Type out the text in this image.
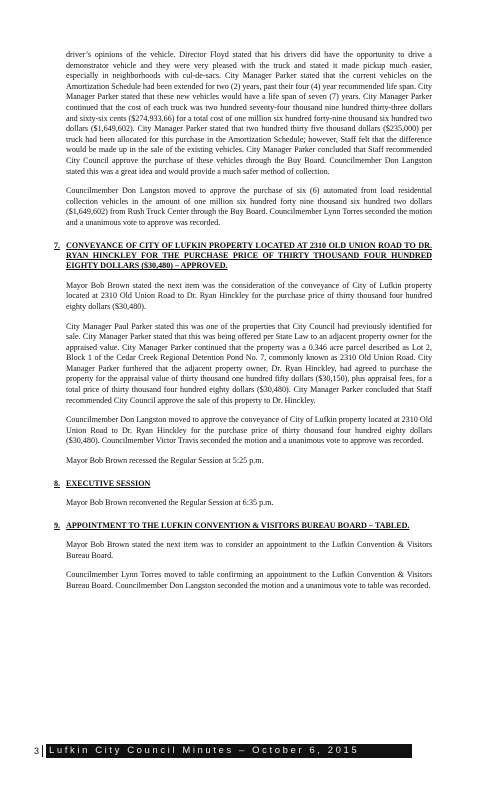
driver’s opinions of the vehicle. Director Floyd stated that his drivers did have the opportunity to drive a demonstrator vehicle and they were very pleased with the truck and stated it made pickup much easier, especially in neighborhoods with cul-de-sacs. City Manager Parker stated that the current vehicles on the Amortization Schedule had been extended for two (2) years, past their four (4) year recommended life span. City Manager Parker stated that these new vehicles would have a life span of seven (7) years. City Manager Parker continued that the cost of each truck was two hundred seventy-four thousand nine hundred thirty-three dollars and sixty-six cents ($274,933.66) for a total cost of one million six hundred forty-nine thousand six hundred two dollars ($1,649,602). City Manager Parker stated that two hundred thirty five thousand dollars ($235,000) per truck had been allocated for this purchase in the Amortization Schedule; however, Staff felt that the difference would be made up in the sale of the existing vehicles. City Manager Parker concluded that Staff recommended City Council approve the purchase of these vehicles through the Buy Board. Councilmember Don Langston stated this was a great idea and would provide a much safer method of collection.

Councilmember Don Langston moved to approve the purchase of six (6) automated front load residential collection vehicles in the amount of one million six hundred forty nine thousand six hundred two dollars ($1,649,602) from Rush Truck Center through the Buy Board. Councilmember Lynn Torres seconded the motion and a unanimous vote to approve was recorded.

7. CONVEYANCE OF CITY OF LUFKIN PROPERTY LOCATED AT 2310 OLD UNION ROAD TO DR. RYAN HINCKLEY FOR THE PURCHASE PRICE OF THIRTY THOUSAND FOUR HUNDRED EIGHTY DOLLARS ($30,480) – APPROVED.

Mayor Bob Brown stated the next item was the consideration of the conveyance of City of Lufkin property located at 2310 Old Union Road to Dr. Ryan Hinckley for the purchase price of thirty thousand four hundred eighty dollars ($30,480).

City Manager Paul Parker stated this was one of the properties that City Council had previously identified for sale. City Manager Parker stated that this was being offered per State Law to an adjacent property owner for the appraised value. City Manager Parker continued that the property was a 0.346 acre parcel described as Lot 2, Block 1 of the Cedar Creek Regional Detention Pond No. 7, commonly known as 2310 Old Union Road. City Manager Parker furthered that the adjacent property owner, Dr. Ryan Hinckley, had agreed to purchase the property for the appraisal value of thirty thousand one hundred fifty dollars ($30,150), plus appraisal fees, for a total price of thirty thousand four hundred eighty dollars ($30,480). City Manager Parker concluded that Staff recommended City Council approve the sale of this property to Dr. Hinckley.

Councilmember Don Langston moved to approve the conveyance of City of Lufkin property located at 2310 Old Union Road to Dr. Ryan Hinckley for the purchase price of thirty thousand four hundred eighty dollars ($30,480). Councilmember Victor Travis seconded the motion and a unanimous vote to approve was recorded.

Mayor Bob Brown recessed the Regular Session at 5:25 p.m.

8. EXECUTIVE SESSION

Mayor Bob Brown reconvened the Regular Session at 6:35 p.m.

9. APPOINTMENT TO THE LUFKIN CONVENTION & VISITORS BUREAU BOARD – TABLED.

Mayor Bob Brown stated the next item was to consider an appointment to the Lufkin Convention & Visitors Bureau Board.

Councilmember Lynn Torres moved to table confirming an appointment to the Lufkin Convention & Visitors Bureau Board. Councilmember Don Langston seconded the motion and a unanimous vote to table was recorded.

3	Lufkin City Council Minutes – October 6, 2015
